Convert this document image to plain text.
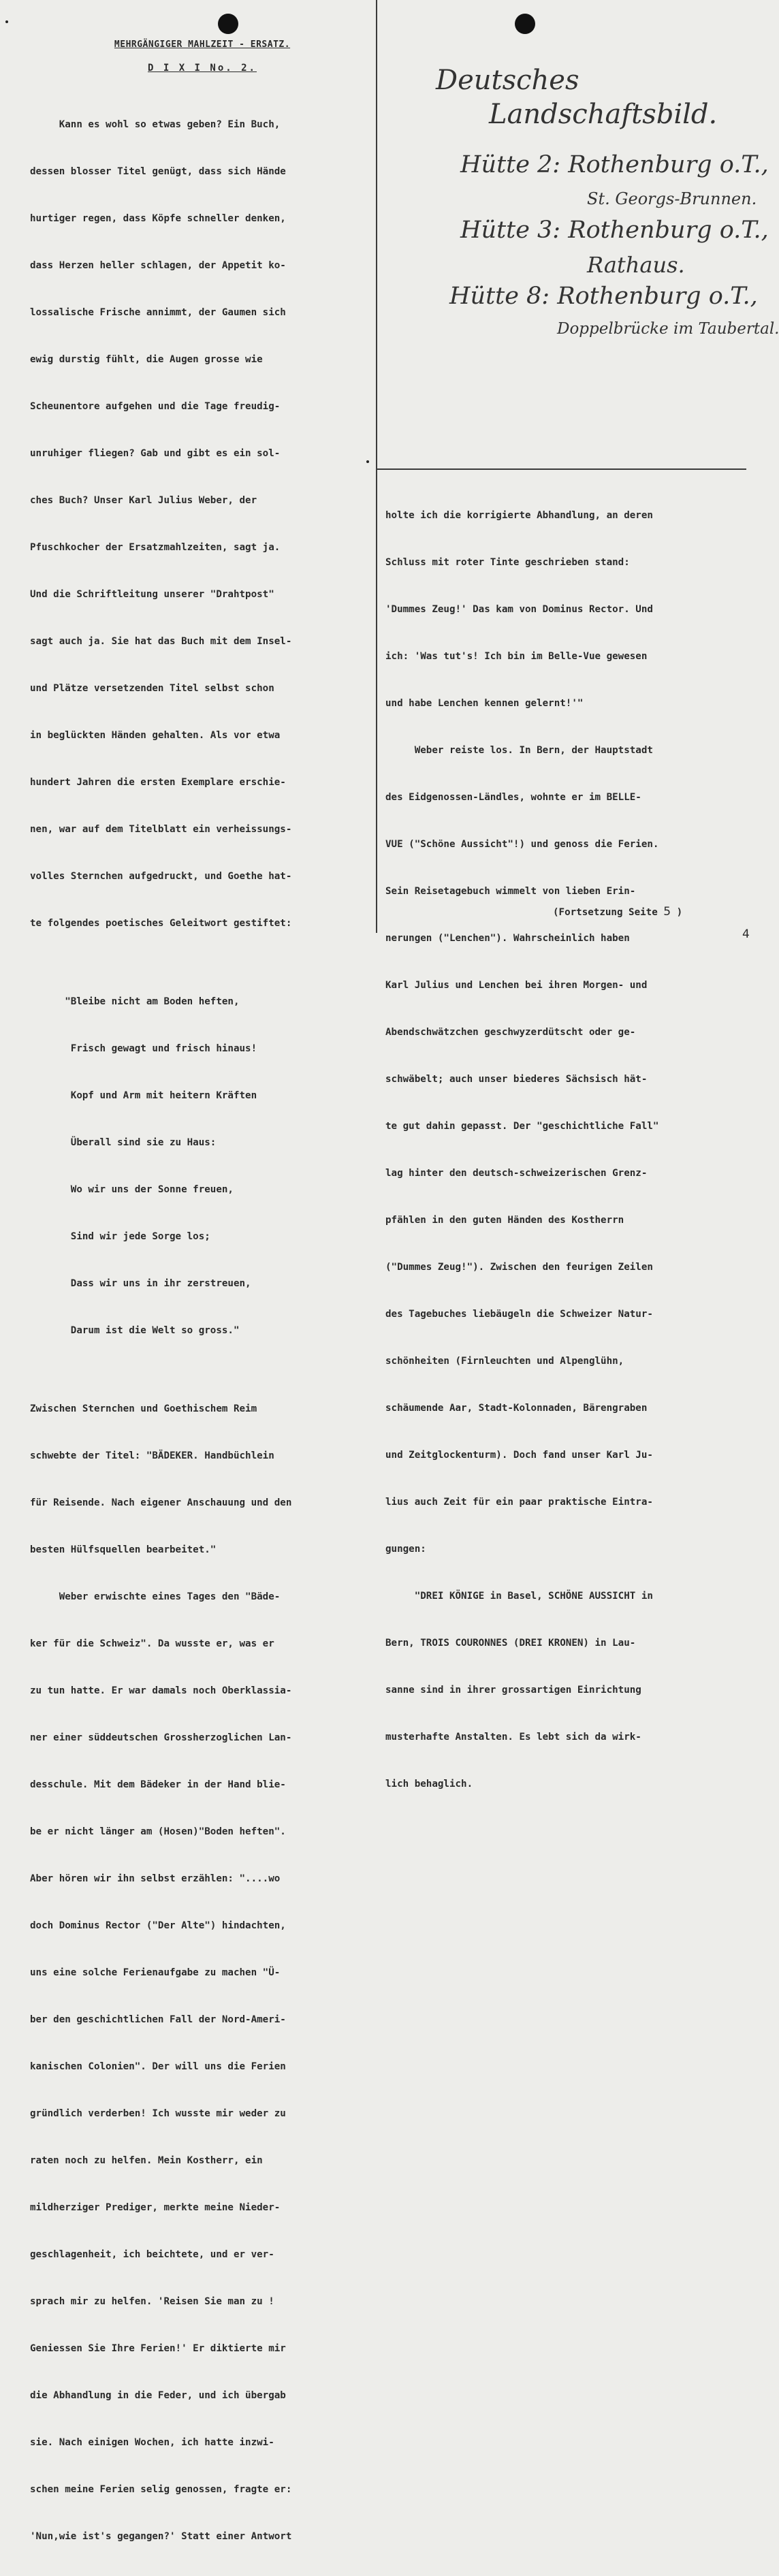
MEHRGÄNGIGER MAHLZEIT - ERSATZ.
D I X I No. 2.

Kann es wohl so etwas geben? Ein Buch,

dessen blosser Titel genügt, dass sich Hände

hurtiger regen, dass Köpfe schneller denken,

dass Herzen heller schlagen, der Appetit ko-

lossalische Frische annimmt, der Gaumen sich

ewig durstig fühlt, die Augen grosse wie

Scheunentore aufgehen und die Tage freudig-

unruhiger fliegen? Gab und gibt es ein sol-

ches Buch? Unser Karl Julius Weber, der

Pfuschkocher der Ersatzmahlzeiten, sagt ja.

Und die Schriftleitung unserer "Drahtpost"

sagt auch ja. Sie hat das Buch mit dem Insel-

und Plätze versetzenden Titel selbst schon

in beglückten Händen gehalten. Als vor etwa

hundert Jahren die ersten Exemplare erschie-

nen, war auf dem Titelblatt ein verheissungs-

volles Sternchen aufgedruckt, und Goethe hat-

te folgendes poetisches Geleitwort gestiftet:

"Bleibe nicht am Boden heften,

Frisch gewagt und frisch hinaus!

Kopf und Arm mit heitern Kräften

Überall sind sie zu Haus:

Wo wir uns der Sonne freuen,

Sind wir jede Sorge los;

Dass wir uns in ihr zerstreuen,

Darum ist die Welt so gross."

Zwischen Sternchen und Goethischem Reim

schwebte der Titel: "BÄDEKER. Handbüchlein

für Reisende. Nach eigener Anschauung und den

besten Hülfsquellen bearbeitet."

Weber erwischte eines Tages den "Bäde-

ker für die Schweiz". Da wusste er, was er

zu tun hatte. Er war damals noch Oberklassia-

ner einer süddeutschen Grossherzoglichen Lan-

desschule. Mit dem Bädeker in der Hand blie-

be er nicht länger am (Hosen)"Boden heften".

Aber hören wir ihn selbst erzählen: "....wo

doch Dominus Rector ("Der Alte") hindachten,

uns eine solche Ferienaufgabe zu machen "Ü-

ber den geschichtlichen Fall der Nord-Ameri-

kanischen Colonien". Der will uns die Ferien

gründlich verderben! Ich wusste mir weder zu

raten noch zu helfen. Mein Kostherr, ein

mildherziger Prediger, merkte meine Nieder-

geschlagenheit, ich beichtete, und er ver-

sprach mir zu helfen. 'Reisen Sie man zu !

Geniessen Sie Ihre Ferien!' Er diktierte mir

die Abhandlung in die Feder, und ich übergab

sie. Nach einigen Wochen, ich hatte inzwi-

schen meine Ferien selig genossen, fragte er:

'Nun,wie ist's gegangen?' Statt einer Antwort

Deutsches
Landschaftsbild.
Hütte 2: Rothenburg o.T.,
St. Georgs-Brunnen.
Hütte 3: Rothenburg o.T.,
Rathaus.
Hütte 8: Rothenburg o.T.,
Doppelbrücke im Taubertal.

holte ich die korrigierte Abhandlung, an deren

Schluss mit roter Tinte geschrieben stand:

'Dummes Zeug!' Das kam von Dominus Rector. Und

ich: 'Was tut's! Ich bin im Belle-Vue gewesen

und habe Lenchen kennen gelernt!'"

Weber reiste los. In Bern, der Hauptstadt

des Eidgenossen-Ländles, wohnte er im BELLE-

VUE ("Schöne Aussicht"!) und genoss die Ferien.

Sein Reisetagebuch wimmelt von lieben Erin-

nerungen ("Lenchen"). Wahrscheinlich haben

Karl Julius und Lenchen bei ihren Morgen- und

Abendschwätzchen geschwyzerdütscht oder ge-

schwäbelt; auch unser biederes Sächsisch hät-

te gut dahin gepasst. Der "geschichtliche Fall"

lag hinter den deutsch-schweizerischen Grenz-

pfählen in den guten Händen des Kostherrn

("Dummes Zeug!"). Zwischen den feurigen Zeilen

des Tagebuches liebäugeln die Schweizer Natur-

schönheiten (Firnleuchten und Alpenglühn,

schäumende Aar, Stadt-Kolonnaden, Bärengraben

und Zeitglockenturm). Doch fand unser Karl Ju-

lius auch Zeit für ein paar praktische Eintra-

gungen:

"DREI KÖNIGE in Basel, SCHÖNE AUSSICHT in

Bern, TROIS COURONNES (DREI KRONEN) in Lau-

sanne sind in ihrer grossartigen Einrichtung

musterhafte Anstalten. Es lebt sich da wirk-

lich behaglich.

(Fortsetzung Seite 5 )
4
